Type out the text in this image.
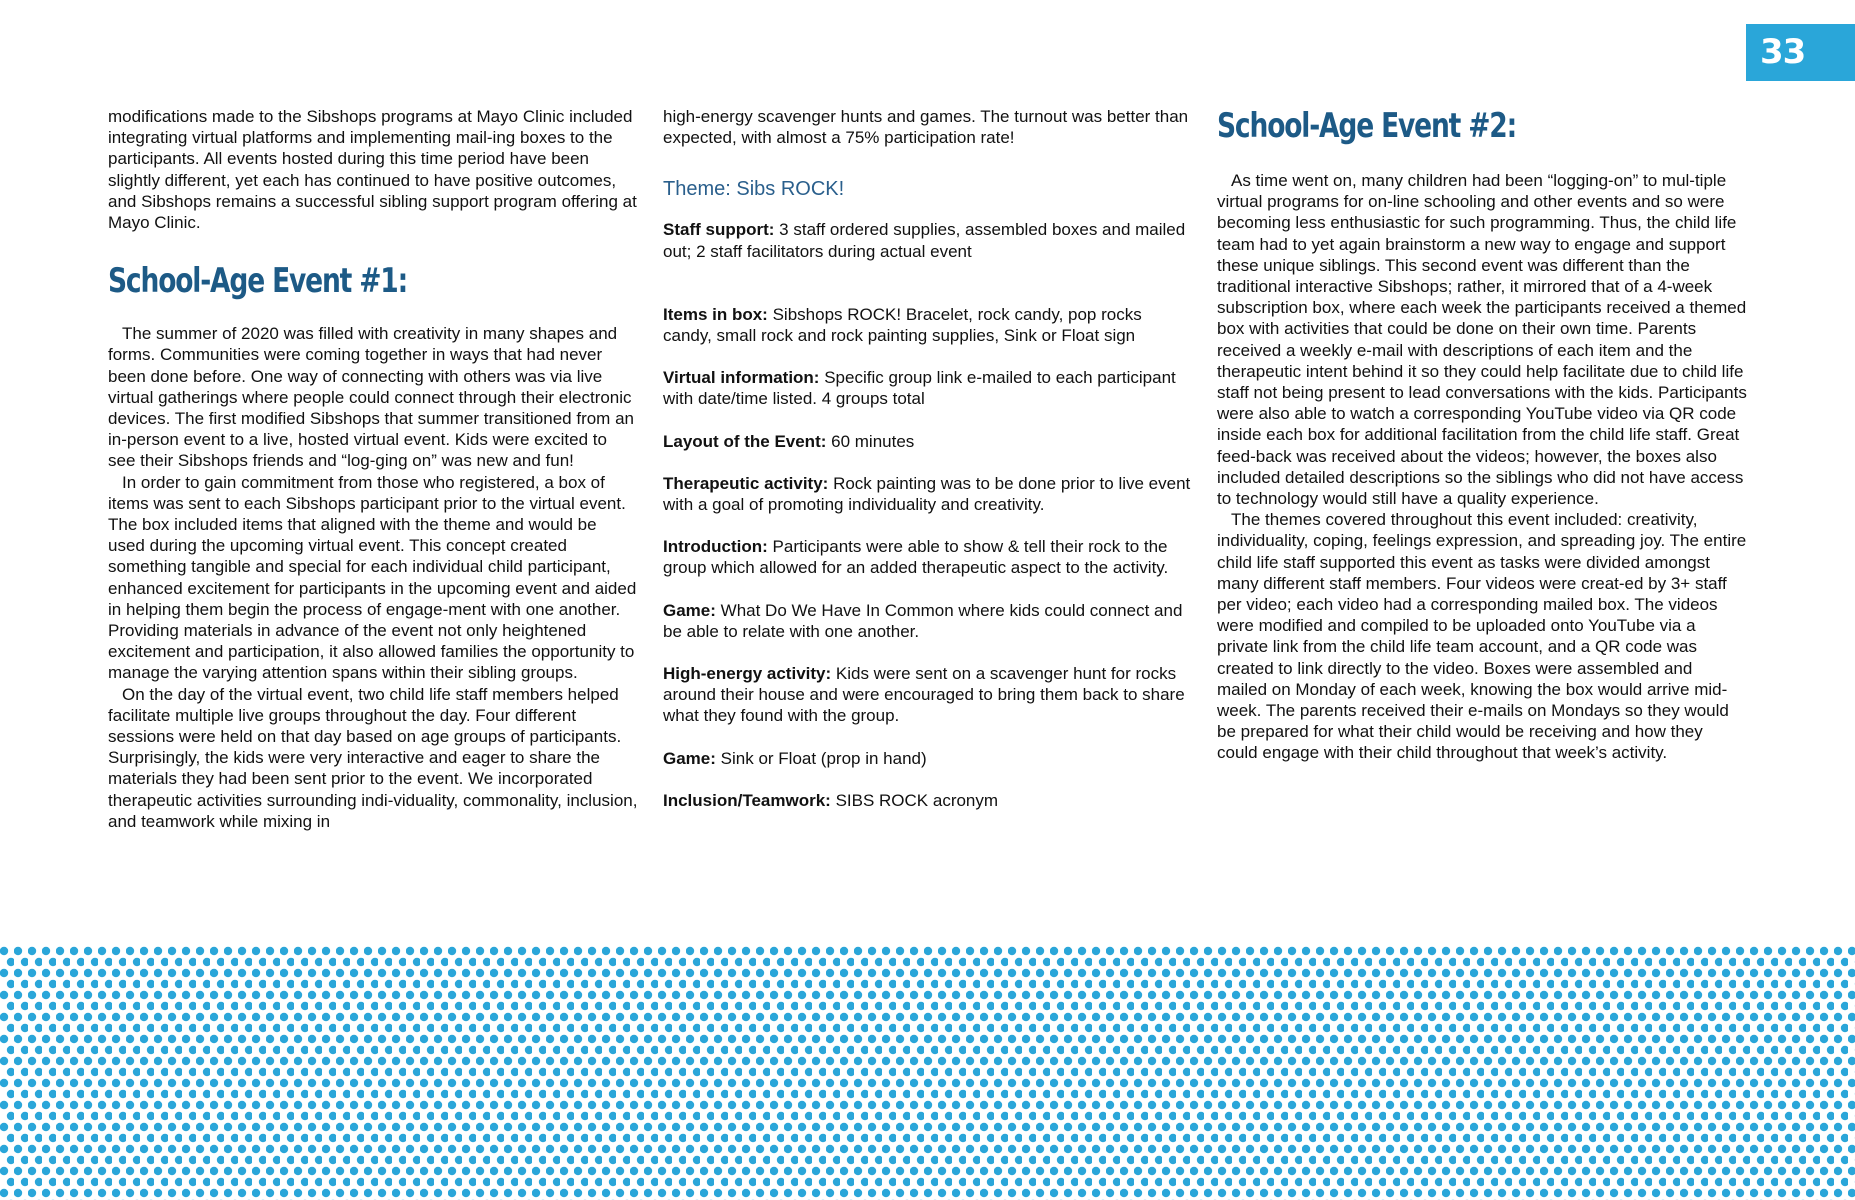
33

modifications made to the Sibshops programs at Mayo Clinic included integrating virtual platforms and implementing mail-ing boxes to the participants. All events hosted during this time period have been slightly different, yet each has continued to have positive outcomes, and Sibshops remains a successful sibling support program offering at Mayo Clinic.

School-Age Event #1:

The summer of 2020 was filled with creativity in many shapes and forms. Communities were coming together in ways that had never been done before. One way of connecting with others was via live virtual gatherings where people could connect through their electronic devices. The first modified Sibshops that summer transitioned from an in-person event to a live, hosted virtual event. Kids were excited to see their Sibshops friends and “log-ging on” was new and fun!

In order to gain commitment from those who registered, a box of items was sent to each Sibshops participant prior to the virtual event. The box included items that aligned with the theme and would be used during the upcoming virtual event. This concept created something tangible and special for each individual child participant, enhanced excitement for participants in the upcoming event and aided in helping them begin the process of engage-ment with one another. Providing materials in advance of the event not only heightened excitement and participation, it also allowed families the opportunity to manage the varying attention spans within their sibling groups.

On the day of the virtual event, two child life staff members helped facilitate multiple live groups throughout the day. Four different sessions were held on that day based on age groups of participants. Surprisingly, the kids were very interactive and eager to share the materials they had been sent prior to the event. We incorporated therapeutic activities surrounding indi-viduality, commonality, inclusion, and teamwork while mixing in

high-energy scavenger hunts and games. The turnout was better than expected, with almost a 75% participation rate!

Theme: Sibs ROCK!

Staff support: 3 staff ordered supplies, assembled boxes and mailed out; 2 staff facilitators during actual event

Items in box: Sibshops ROCK! Bracelet, rock candy, pop rocks candy, small rock and rock painting supplies, Sink or Float sign

Virtual information: Specific group link e-mailed to each participant with date/time listed. 4 groups total

Layout of the Event: 60 minutes

Therapeutic activity: Rock painting was to be done prior to live event with a goal of promoting individuality and creativity.

Introduction: Participants were able to show & tell their rock to the group which allowed for an added therapeutic aspect to the activity.

Game: What Do We Have In Common where kids could connect and be able to relate with one another.

High-energy activity: Kids were sent on a scavenger hunt for rocks around their house and were encouraged to bring them back to share what they found with the group.

Game: Sink or Float (prop in hand)

Inclusion/Teamwork: SIBS ROCK acronym

School-Age Event #2:

As time went on, many children had been “logging-on” to mul-tiple virtual programs for on-line schooling and other events and so were becoming less enthusiastic for such programming. Thus, the child life team had to yet again brainstorm a new way to engage and support these unique siblings. This second event was different than the traditional interactive Sibshops; rather, it mirrored that of a 4-week subscription box, where each week the participants received a themed box with activities that could be done on their own time. Parents received a weekly e-mail with descriptions of each item and the therapeutic intent behind it so they could help facilitate due to child life staff not being present to lead conversations with the kids. Participants were also able to watch a corresponding YouTube video via QR code inside each box for additional facilitation from the child life staff. Great feed-back was received about the videos; however, the boxes also included detailed descriptions so the siblings who did not have access to technology would still have a quality experience.

The themes covered throughout this event included: creativity, individuality, coping, feelings expression, and spreading joy. The entire child life staff supported this event as tasks were divided amongst many different staff members. Four videos were creat-ed by 3+ staff per video; each video had a corresponding mailed box. The videos were modified and compiled to be uploaded onto YouTube via a private link from the child life team account, and a QR code was created to link directly to the video. Boxes were assembled and mailed on Monday of each week, knowing the box would arrive mid-week. The parents received their e-mails on Mondays so they would be prepared for what their child would be receiving and how they could engage with their child throughout that week’s activity.
